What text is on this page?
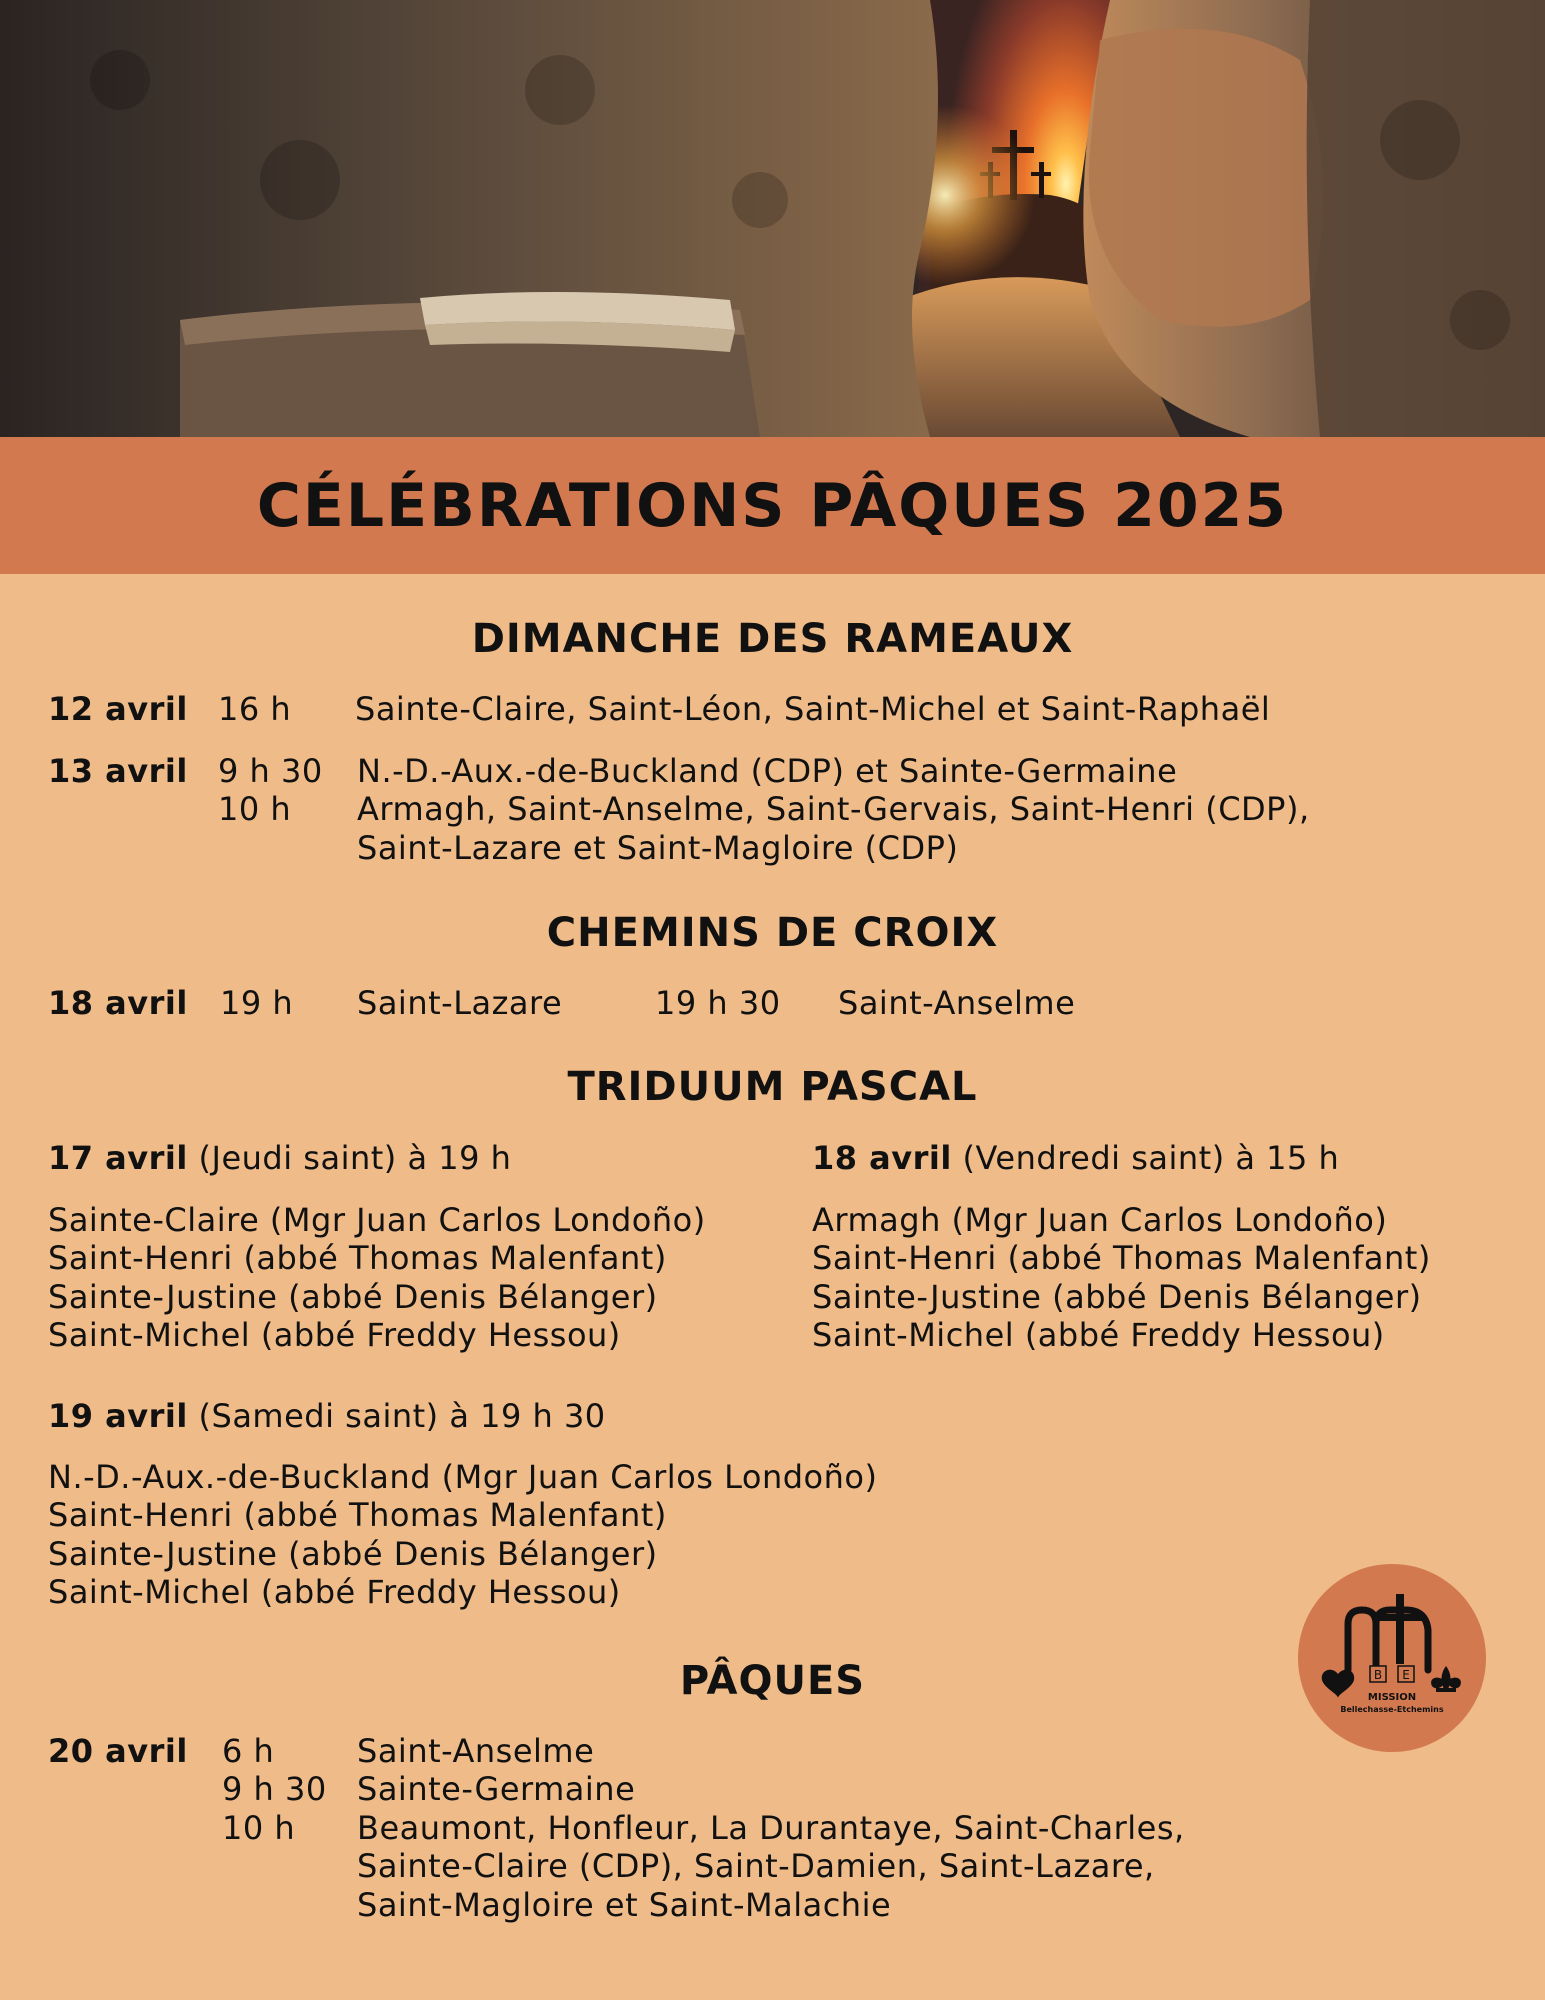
CÉLÉBRATIONS PÂQUES 2025
DIMANCHE DES RAMEAUX
12 avril 16 h Sainte-Claire, Saint-Léon, Saint-Michel et Saint-Raphaël
13 avril 9 h 30 N.-D.-Aux.-de-Buckland (CDP) et Sainte-Germaine
10 h Armagh, Saint-Anselme, Saint-Gervais, Saint-Henri (CDP),
Saint-Lazare et Saint-Magloire (CDP)
CHEMINS DE CROIX
18 avril 19 h Saint-Lazare	19 h 30 Saint-Anselme
TRIDUUM PASCAL
17 avril (Jeudi saint) à 19 h
Sainte-Claire (Mgr Juan Carlos Londoño)
Saint-Henri (abbé Thomas Malenfant)
Sainte-Justine (abbé Denis Bélanger)
Saint-Michel (abbé Freddy Hessou)
18 avril (Vendredi saint) à 15 h
Armagh (Mgr Juan Carlos Londoño)
Saint-Henri (abbé Thomas Malenfant)
Sainte-Justine (abbé Denis Bélanger)
Saint-Michel (abbé Freddy Hessou)
19 avril (Samedi saint) à 19 h 30
N.-D.-Aux.-de-Buckland (Mgr Juan Carlos Londoño)
Saint-Henri (abbé Thomas Malenfant)
Sainte-Justine (abbé Denis Bélanger)
Saint-Michel (abbé Freddy Hessou)
PÂQUES
20 avril 6 h	Saint-Anselme
9 h 30 Sainte-Germaine
10 h Beaumont, Honfleur, La Durantaye, Saint-Charles,
Sainte-Claire (CDP), Saint-Damien, Saint-Lazare,
Saint-Magloire et Saint-Malachie
B E
MISSION
Bellechasse-Etchemins
